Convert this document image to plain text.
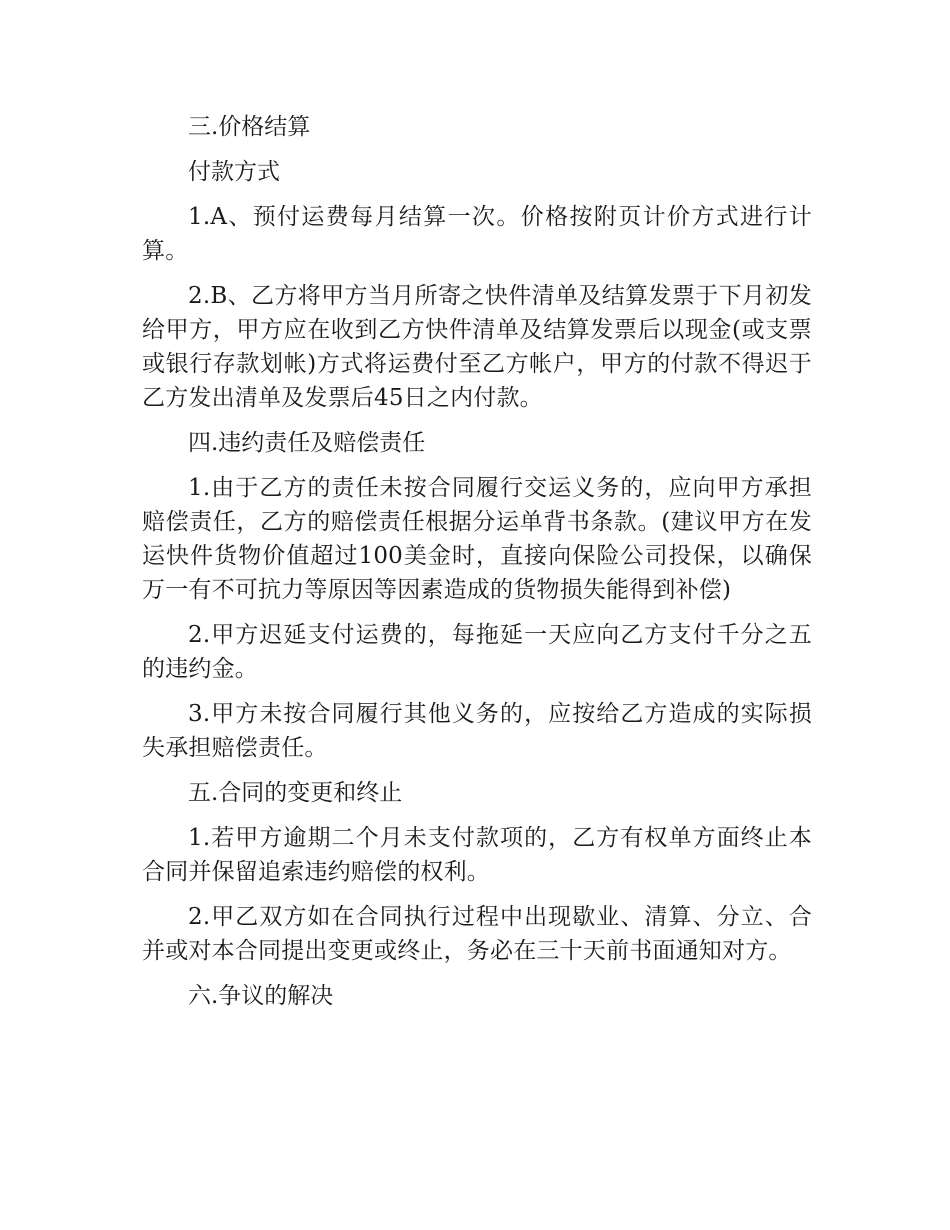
三.价格结算

付款方式

1.A、预付运费每月结算一次。价格按附页计价方式进行计算。

2.B、乙方将甲方当月所寄之快件清单及结算发票于下月初发给甲方，甲方应在收到乙方快件清单及结算发票后以现金(或支票或银行存款划帐)方式将运费付至乙方帐户，甲方的付款不得迟于乙方发出清单及发票后45日之内付款。

四.违约责任及赔偿责任

1.由于乙方的责任未按合同履行交运义务的，应向甲方承担赔偿责任，乙方的赔偿责任根据分运单背书条款。(建议甲方在发运快件货物价值超过100美金时，直接向保险公司投保，以确保万一有不可抗力等原因等因素造成的货物损失能得到补偿)

2.甲方迟延支付运费的，每拖延一天应向乙方支付千分之五的违约金。

3.甲方未按合同履行其他义务的，应按给乙方造成的实际损失承担赔偿责任。

五.合同的变更和终止

1.若甲方逾期二个月未支付款项的，乙方有权单方面终止本合同并保留追索违约赔偿的权利。

2.甲乙双方如在合同执行过程中出现歇业、清算、分立、合并或对本合同提出变更或终止，务必在三十天前书面通知对方。

六.争议的解决
